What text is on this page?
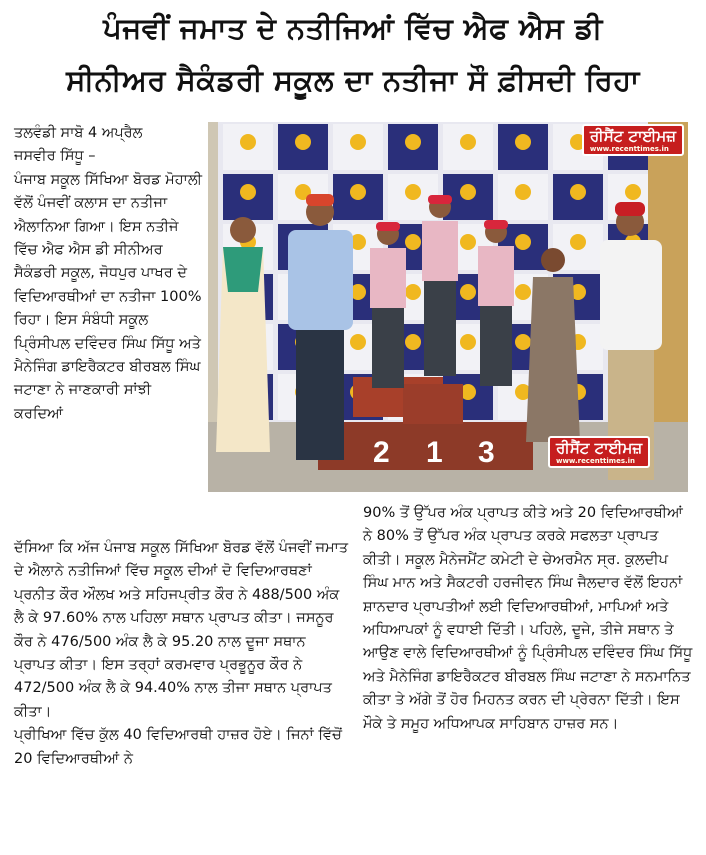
ਪੰਜਵੀਂ ਜਮਾਤ ਦੇ ਨਤੀਜਿਆਂ ਵਿੱਚ ਐਫ ਐਸ ਡੀ
ਸੀਨੀਅਰ ਸੈਕੰਡਰੀ ਸਕੂਲ ਦਾ ਨਤੀਜਾ ਸੌ ਫ਼ੀਸਦੀ ਰਿਹਾ

ਤਲਵੰਡੀ ਸਾਬੋ 4 ਅਪ੍ਰੈਲ

ਜਸਵੀਰ ਸਿੱਧੂ –

ਪੰਜਾਬ ਸਕੂਲ ਸਿੱਖਿਆ ਬੋਰਡ ਮੋਹਾਲੀ ਵੱਲੋਂ ਪੰਜਵੀਂ ਕਲਾਸ ਦਾ ਨਤੀਜਾ ਐਲਾਨਿਆ ਗਿਆ। ਇਸ ਨਤੀਜੇ ਵਿੱਚ ਐਫ ਐਸ ਡੀ ਸੀਨੀਅਰ ਸੈਕੰਡਰੀ ਸਕੂਲ, ਜੋਧਪੁਰ ਪਾਖਰ ਦੇ ਵਿਦਿਆਰਥੀਆਂ ਦਾ ਨਤੀਜਾ 100% ਰਿਹਾ। ਇਸ ਸੰਬੰਧੀ ਸਕੂਲ ਪ੍ਰਿੰਸੀਪਲ ਦਵਿੰਦਰ ਸਿੰਘ ਸਿੱਧੂ ਅਤੇ ਮੈਨੇਜਿੰਗ ਡਾਇਰੈਕਟਰ ਬੀਰਬਲ ਸਿੰਘ ਜਟਾਣਾ ਨੇ ਜਾਣਕਾਰੀ ਸਾਂਝੀ ਕਰਦਿਆਂ

2 1 3
ਰੀਸੈਂਟ ਟਾਈਮਜ਼
www.recenttimes.in
ਰੀਸੈਂਟ ਟਾਈਮਜ਼
www.recenttimes.in

ਦੱਸਿਆ ਕਿ ਅੱਜ ਪੰਜਾਬ ਸਕੂਲ ਸਿੱਖਿਆ ਬੋਰਡ ਵੱਲੋਂ ਪੰਜਵੀਂ ਜਮਾਤ ਦੇ ਐਲਾਨੇ ਨਤੀਜਿਆਂ ਵਿੱਚ ਸਕੂਲ ਦੀਆਂ ਦੋ ਵਿਦਿਆਰਥਣਾਂ ਪ੍ਰਨੀਤ ਕੌਰ ਔਲਖ ਅਤੇ ਸਹਿਜਪ੍ਰੀਤ ਕੌਰ ਨੇ 488/500 ਅੰਕ ਲੈ ਕੇ 97.60% ਨਾਲ ਪਹਿਲਾ ਸਥਾਨ ਪ੍ਰਾਪਤ ਕੀਤਾ। ਜਸਨੂਰ ਕੌਰ ਨੇ 476/500 ਅੰਕ ਲੈ ਕੇ 95.20 ਨਾਲ ਦੂਜਾ ਸਥਾਨ ਪ੍ਰਾਪਤ ਕੀਤਾ। ਇਸ ਤਰ੍ਹਾਂ ਕਰਮਵਾਰ ਪ੍ਰਭੂਨੂਰ ਕੌਰ ਨੇ 472/500 ਅੰਕ ਲੈ ਕੇ 94.40% ਨਾਲ ਤੀਜਾ ਸਥਾਨ ਪ੍ਰਾਪਤ ਕੀਤਾ।

ਪ੍ਰੀਖਿਆ ਵਿੱਚ ਕੁੱਲ 40 ਵਿਦਿਆਰਥੀ ਹਾਜ਼ਰ ਹੋਏ। ਜਿਨਾਂ ਵਿੱਚੋਂ 20 ਵਿਦਿਆਰਥੀਆਂ ਨੇ

90% ਤੋਂ ਉੱਪਰ ਅੰਕ ਪ੍ਰਾਪਤ ਕੀਤੇ ਅਤੇ 20 ਵਿਦਿਆਰਥੀਆਂ ਨੇ 80% ਤੋਂ ਉੱਪਰ ਅੰਕ ਪ੍ਰਾਪਤ ਕਰਕੇ ਸਫਲਤਾ ਪ੍ਰਾਪਤ ਕੀਤੀ। ਸਕੂਲ ਮੈਨੇਜਮੈਂਟ ਕਮੇਟੀ ਦੇ ਚੇਅਰਮੈਨ ਸ੍ਰ. ਕੁਲਦੀਪ ਸਿੰਘ ਮਾਨ ਅਤੇ ਸੈਕਟਰੀ ਹਰਜੀਵਨ ਸਿੰਘ ਜੈਲਦਾਰ ਵੱਲੋਂ ਇਹਨਾਂ ਸ਼ਾਨਦਾਰ ਪ੍ਰਾਪਤੀਆਂ ਲਈ ਵਿਦਿਆਰਥੀਆਂ, ਮਾਪਿਆਂ ਅਤੇ ਅਧਿਆਪਕਾਂ ਨੂੰ ਵਧਾਈ ਦਿੱਤੀ। ਪਹਿਲੇ, ਦੂਜੇ, ਤੀਜੇ ਸਥਾਨ ਤੇ ਆਉਣ ਵਾਲੇ ਵਿਦਿਆਰਥੀਆਂ ਨੂੰ ਪ੍ਰਿੰਸੀਪਲ ਦਵਿੰਦਰ ਸਿੰਘ ਸਿੱਧੂ ਅਤੇ ਮੈਨੇਜਿੰਗ ਡਾਇਰੈਕਟਰ ਬੀਰਬਲ ਸਿੰਘ ਜਟਾਣਾ ਨੇ ਸਨਮਾਨਿਤ ਕੀਤਾ ਤੇ ਅੱਗੇ ਤੋਂ ਹੋਰ ਮਿਹਨਤ ਕਰਨ ਦੀ ਪ੍ਰੇਰਨਾ ਦਿੱਤੀ। ਇਸ ਮੌਕੇ ਤੇ ਸਮੂਹ ਅਧਿਆਪਕ ਸਾਹਿਬਾਨ ਹਾਜ਼ਰ ਸਨ।
